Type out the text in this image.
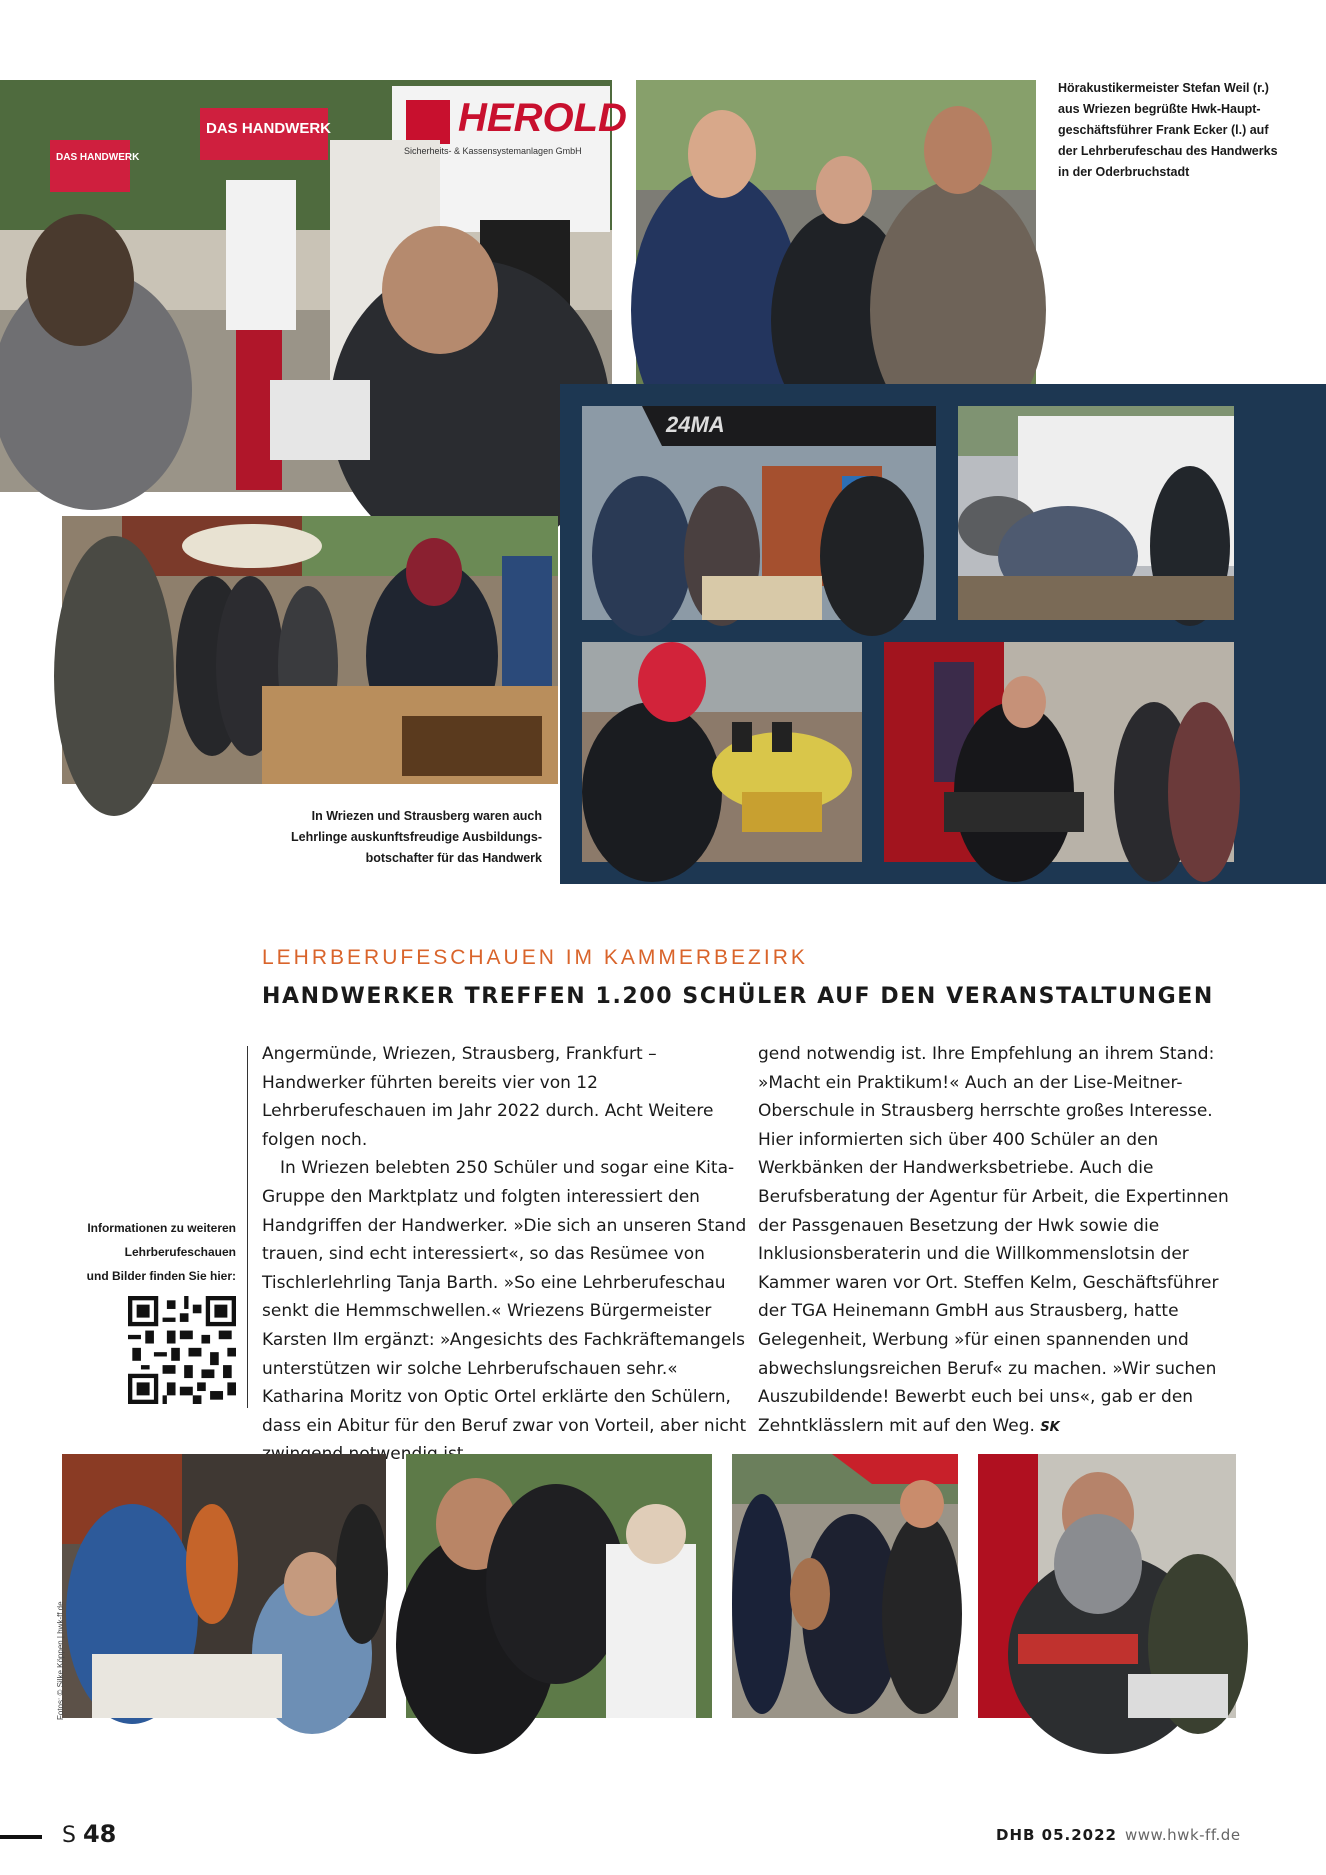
DAS HANDWERK
DAS HANDWERK	HEROLD
Sicherheits- & Kassensystemanlagen GmbH
Hörakustikermeister Stefan Weil (r.)
aus Wriezen begrüßte Hwk-Haupt-
geschäftsführer Frank Ecker (l.) auf
der Lehrberufeschau des Handwerks
in der Oderbruchstadt
24MA
In Wriezen und Strausberg waren auch
Lehrlinge auskunftsfreudige Ausbildungs-
botschafter für das Handwerk
LEHRBERUFESCHAUEN IM KAMMERBEZIRK
HANDWERKER TREFFEN 1.200 SCHÜLER AUF DEN VERANSTALTUNGEN

Angermünde, Wriezen, Strausberg, Frankfurt – Handwerker führten bereits vier von 12 Lehrberufeschauen im Jahr 2022 durch. Acht Weitere folgen noch.

In Wriezen belebten 250 Schüler und sogar eine Kita-Gruppe den Marktplatz und folgten interessiert den Handgriffen der Handwerker. »Die sich an unseren Stand trauen, sind echt interessiert«, so das Resümee von Tischlerlehrling Tanja Barth. »So eine Lehrberufeschau senkt die Hemmschwellen.« Wriezens Bürgermeister Karsten Ilm ergänzt: »Angesichts des Fachkräftemangels unterstützen wir solche Lehrberufschauen sehr.« Katharina Moritz von Optic Ortel erklärte den Schülern, dass ein Abitur für den Beruf zwar von Vorteil, aber nicht notwendig

gend notwendig ist. Ihre Empfehlung an ihrem Stand: »Macht ein Praktikum!« Auch an der Lise-Meitner-Oberschule in Strausberg herrschte großes Interesse. Hier informierten sich über 400 Schüler an den Werkbänken der Handwerksbetriebe. Auch die Berufsberatung der Agentur für Arbeit, die Expertinnen der Passgenauen Besetzung der Hwk sowie die Inklusionsberaterin und die Willkommenslotsin der Kammer waren vor Ort. Steffen Kelm, Geschäftsführer der TGA Heinemann GmbH aus Strausberg, hatte Gelegenheit, Werbung »für einen spannenden und abwechslungsreichen Beruf« zu machen. »Wir suchen Auszubildende! Bewerbt euch bei uns«, gab er den Zehntklässlern mit auf den Weg. SK

Informationen zu weiteren
Lehrberufeschauen
und Bilder finden Sie hier:
Fotos: © Silke Köppen | hwk-ff.de
S 48	DHB 05.2022 www.hwk-ff.de
